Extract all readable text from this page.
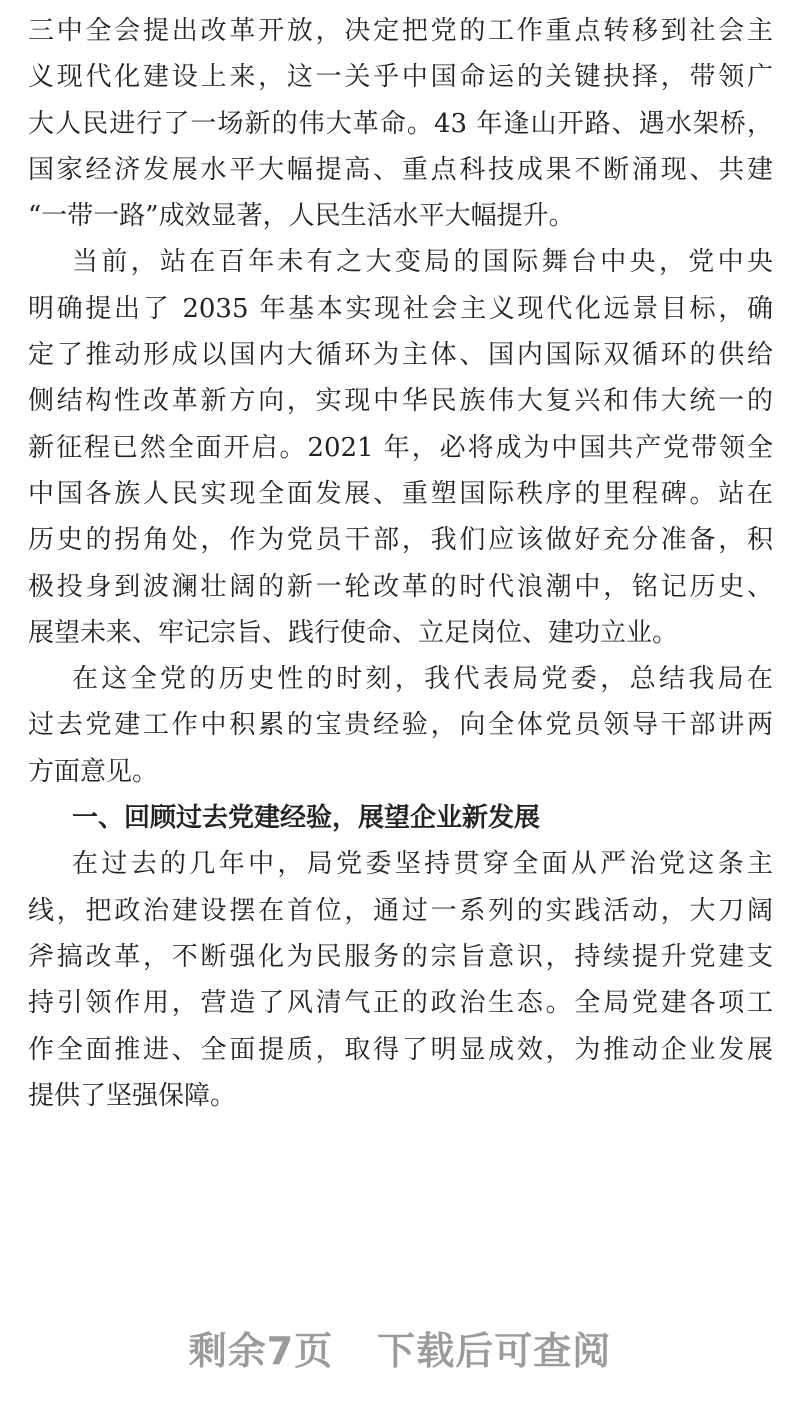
三中全会提出改革开放，决定把党的工作重点转移到社会主
义现代化建设上来，这一关乎中国命运的关键抉择，带领广
大人民进行了一场新的伟大革命。43 年逢山开路、遇水架桥，
国家经济发展水平大幅提高、重点科技成果不断涌现、共建
“一带一路”成效显著，人民生活水平大幅提升。
当前，站在百年未有之大变局的国际舞台中央，党中央
明确提出了 2035 年基本实现社会主义现代化远景目标，确
定了推动形成以国内大循环为主体、国内国际双循环的供给
侧结构性改革新方向，实现中华民族伟大复兴和伟大统一的
新征程已然全面开启。2021 年，必将成为中国共产党带领全
中国各族人民实现全面发展、重塑国际秩序的里程碑。站在
历史的拐角处，作为党员干部，我们应该做好充分准备，积
极投身到波澜壮阔的新一轮改革的时代浪潮中，铭记历史、
展望未来、牢记宗旨、践行使命、立足岗位、建功立业。
在这全党的历史性的时刻，我代表局党委，总结我局在
过去党建工作中积累的宝贵经验，向全体党员领导干部讲两
方面意见。
一、回顾过去党建经验，展望企业新发展
在过去的几年中，局党委坚持贯穿全面从严治党这条主
线，把政治建设摆在首位，通过一系列的实践活动，大刀阔
斧搞改革，不断强化为民服务的宗旨意识，持续提升党建支
持引领作用，营造了风清气正的政治生态。全局党建各项工
作全面推进、全面提质，取得了明显成效，为推动企业发展
提供了坚强保障。
剩余7页 下载后可查阅
